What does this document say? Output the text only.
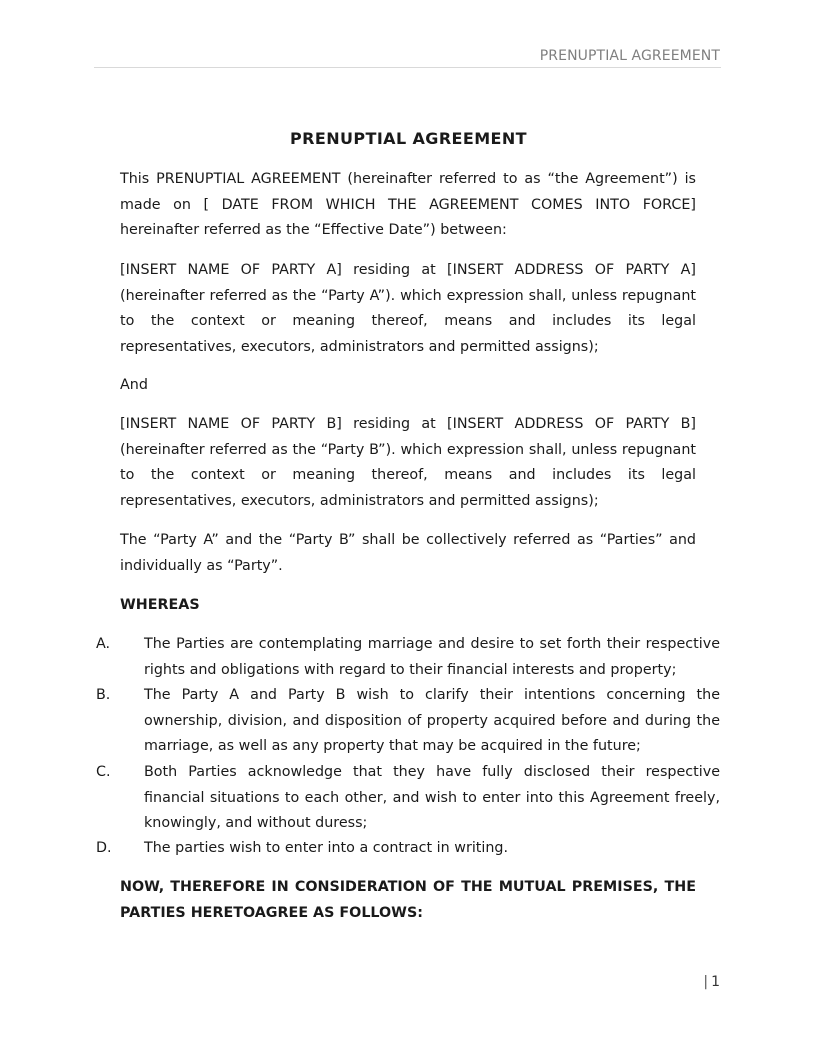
PRENUPTIAL AGREEMENT
PRENUPTIAL AGREEMENT

This PRENUPTIAL AGREEMENT (hereinafter referred to as “the Agreement”) is made on [ DATE FROM WHICH THE AGREEMENT COMES INTO FORCE] hereinafter referred as the “Effective Date”) between:

[INSERT NAME OF PARTY A] residing at [INSERT ADDRESS OF PARTY A] (hereinafter referred as the “Party A”). which expression shall, unless repugnant to the context or meaning thereof, means and includes its legal representatives, executors, administrators and permitted assigns);

And

[INSERT NAME OF PARTY B] residing at [INSERT ADDRESS OF PARTY B] (hereinafter referred as the “Party B”). which expression shall, unless repugnant to the context or meaning thereof, means and includes its legal representatives, executors, administrators and permitted assigns);

The “Party A” and the “Party B” shall be collectively referred as “Parties” and individually as “Party”.

WHEREAS

A.	The Parties are contemplating marriage and desire to set forth their respective rights and obligations with regard to their financial interests and property;
B.	The Party A and Party B wish to clarify their intentions concerning the ownership, division, and disposition of property acquired before and during the marriage, as well as any property that may be acquired in the future;
C.	Both Parties acknowledge that they have fully disclosed their respective financial situations to each other, and wish to enter into this Agreement freely, knowingly, and without duress;
D.	The parties wish to enter into a contract in writing.

NOW, THEREFORE IN CONSIDERATION OF THE MUTUAL PREMISES, THE PARTIES HERETOAGREE AS FOLLOWS:

| 1
